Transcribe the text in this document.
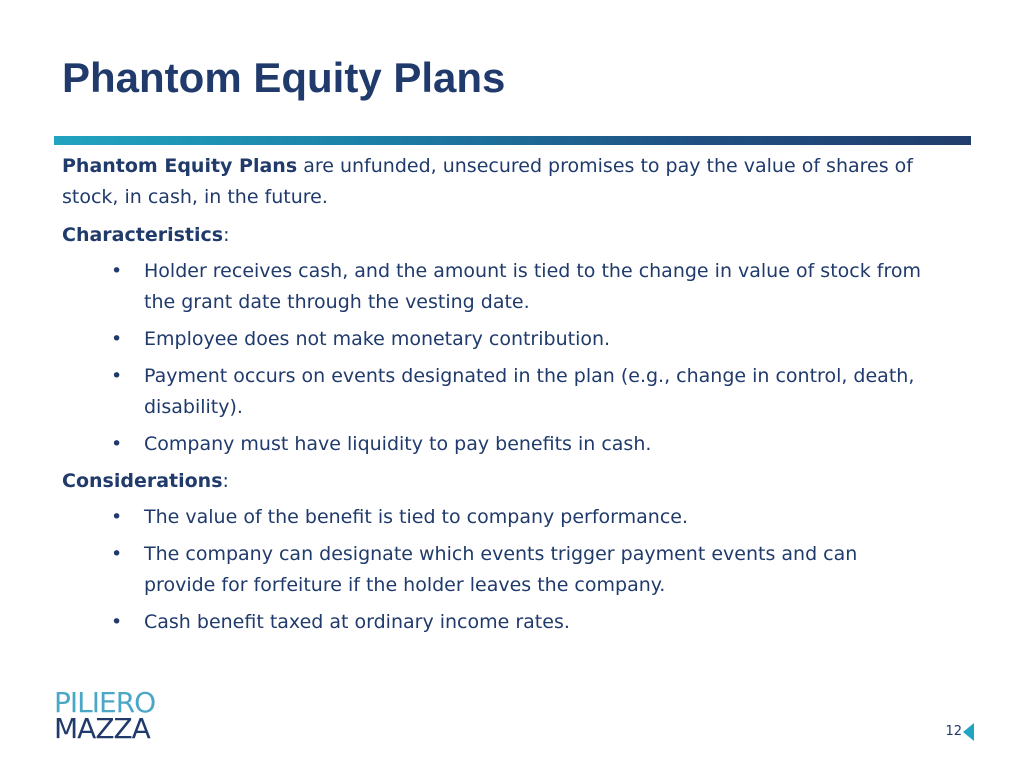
Phantom Equity Plans

Phantom Equity Plans are unfunded, unsecured promises to pay the value of shares of stock, in cash, in the future.

Characteristics:

• Holder receives cash, and the amount is tied to the change in value of stock from the grant date through the vesting date.
• Employee does not make monetary contribution.
• Payment occurs on events designated in the plan (e.g., change in control, death, disability).
• Company must have liquidity to pay benefits in cash.

Considerations:

• The value of the benefit is tied to company performance.
• The company can designate which events trigger payment events and can provide for forfeiture if the holder leaves the company.
• Cash benefit taxed at ordinary income rates.
PILIERO
MAZZA	12
